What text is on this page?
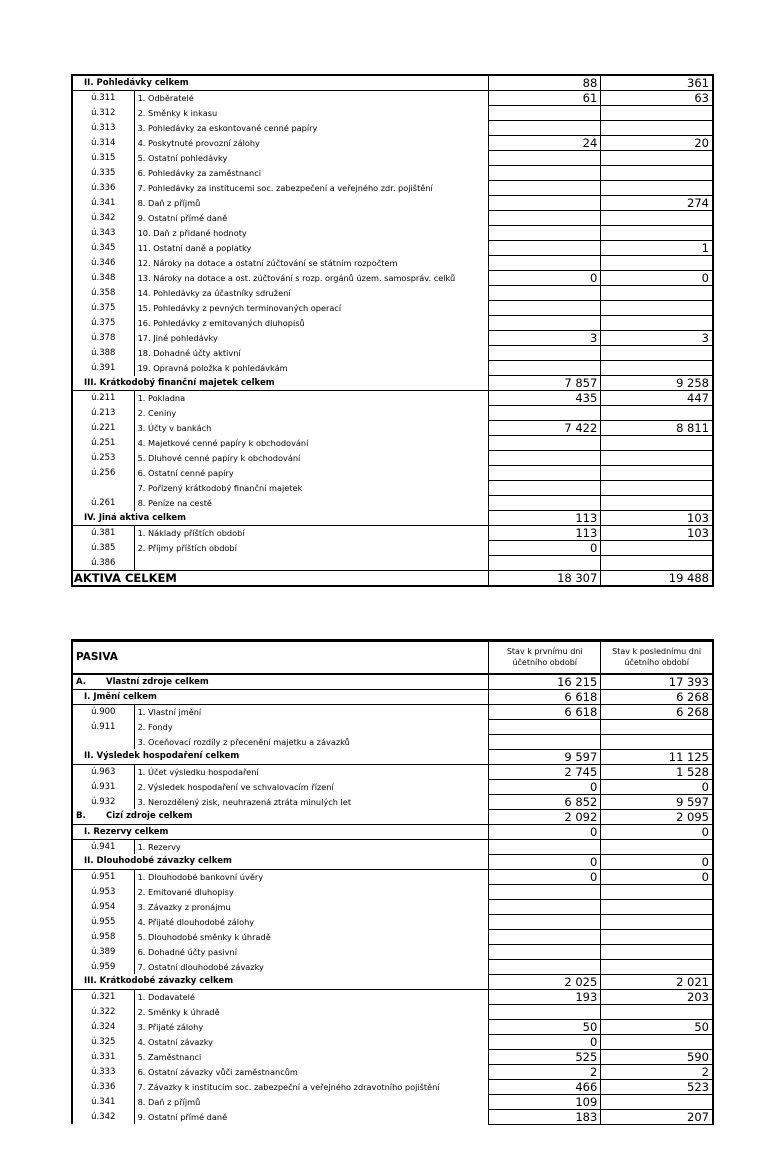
II. Pohledávky celkem		88	361
ú.311	1. Odběratelé	61	63
ú.312	2. Směnky k inkasu		
ú.313	3. Pohledávky za eskontované cenné papíry		
ú.314	4. Poskytnuté provozní zálohy	24	20
ú.315	5. Ostatní pohledávky		
ú.335	6. Pohledávky za zaměstnanci		
ú.336	7. Pohledávky za institucemi soc. zabezpečení a veřejného zdr. pojištění		
ú.341	8. Daň z příjmů		274
ú.342	9. Ostatní přímé daně		
ú.343	10. Daň z přidané hodnoty		
ú.345	11. Ostatní daně a poplatky		1
ú.346	12. Nároky na dotace a ostatní zúčtování se státním rozpočtem		
ú.348	13. Nároky na dotace a ost. zúčtování s rozp. orgánů územ. samospráv. celků	0	0
ú.358	14. Pohledávky za účastníky sdružení		
ú.375	15. Pohledávky z pevných terminovaných operací		
ú.375	16. Pohledávky z emitovaných dluhopisů		
ú.378	17. Jiné pohledávky	3	3
ú.388	18. Dohadné účty aktivní		
ú.391	19. Opravná položka k pohledávkám		
III. Krátkodobý finanční majetek celkem		7 857	9 258
ú.211	1. Pokladna	435	447
ú.213	2. Ceniny		
ú.221	3. Účty v bankách	7 422	8 811
ú.251	4. Majetkové cenné papíry k obchodování		
ú.253	5. Dluhové cenné papíry k obchodování		
ú.256	6. Ostatní cenné papíry		
	7. Pořízený krátkodobý finanční majetek		
ú.261	8. Peníze na cestě		
IV. Jiná aktiva celkem		113	103
ú.381	1. Náklady příštích období	113	103
ú.385	2. Příjmy příštích období	0	
ú.386			
AKTIVA CELKEM		18 307	19 488
PASIVA		Stav k prvnímu dni účetního období	Stav k poslednímu dni účetního období
A. Vlastní zdroje celkem		16 215	17 393
I. Jmění celkem		6 618	6 268
ú.900	1. Vlastní jmění	6 618	6 268
ú.911	2. Fondy		
	3. Oceňovací rozdíly z přecenění majetku a závazků		
II. Výsledek hospodaření celkem		9 597	11 125
ú.963	1. Účet výsledku hospodaření	2 745	1 528
ú.931	2. Výsledek hospodaření ve schvalovacím řízení	0	0
ú.932	3. Nerozdělený zisk, neuhrazená ztráta minulých let	6 852	9 597
B. Cizí zdroje celkem		2 092	2 095
I. Rezervy celkem		0	0
ú.941	1. Rezervy		
II. Dlouhodobé závazky celkem		0	0
ú.951	1. Dlouhodobé bankovní úvěry	0	0
ú.953	2. Emitované dluhopisy		
ú.954	3. Závazky z pronájmu		
ú.955	4. Přijaté dlouhodobé zálohy		
ú.958	5. Dlouhodobé směnky k úhradě		
ú.389	6. Dohadné účty pasivní		
ú.959	7. Ostatní dlouhodobé závazky		
III. Krátkodobé závazky celkem		2 025	2 021
ú.321	1. Dodavatelé	193	203
ú.322	2. Směnky k úhradě		
ú.324	3. Přijaté zálohy	50	50
ú.325	4. Ostatní závazky	0	
ú.331	5. Zaměstnanci	525	590
ú.333	6. Ostatní závazky vůči zaměstnancům	2	2
ú.336	7. Závazky k institucím soc. zabezpeční a veřejného zdravotního pojištění	466	523
ú.341	8. Daň z příjmů	109	
ú.342	9. Ostatní přímé daně	183	207
